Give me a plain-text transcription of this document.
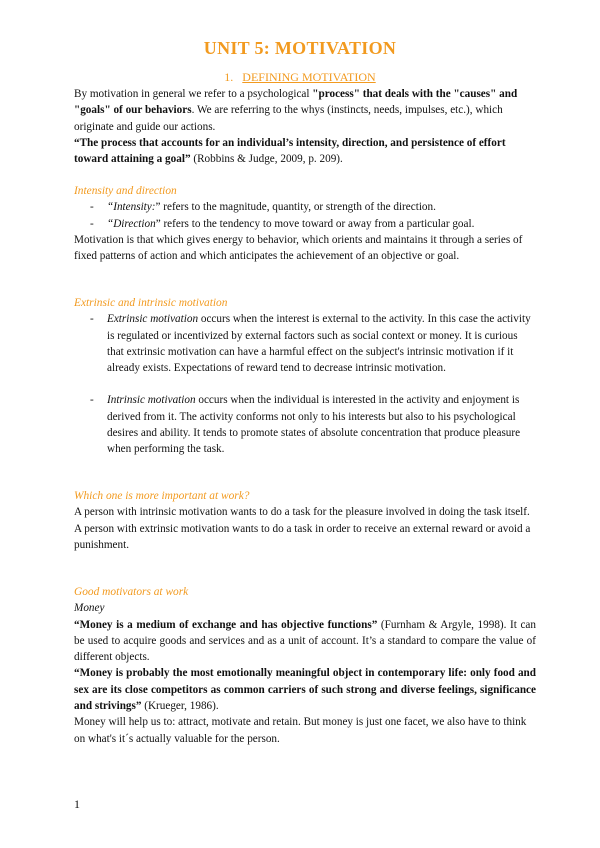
UNIT 5: MOTIVATION
1. DEFINING MOTIVATION

By motivation in general we refer to a psychological "process" that deals with the "causes" and "goals" of our behaviors. We are referring to the whys (instincts, needs, impulses, etc.), which originate and guide our actions.

“The process that accounts for an individual’s intensity, direction, and persistence of effort toward attaining a goal” (Robbins & Judge, 2009, p. 209).

Intensity and direction

- “Intensity:” refers to the magnitude, quantity, or strength of the direction.

- “Direction” refers to the tendency to move toward or away from a particular goal.

Motivation is that which gives energy to behavior, which orients and maintains it through a series of fixed patterns of action and which anticipates the achievement of an objective or goal.

Extrinsic and intrinsic motivation

- Extrinsic motivation occurs when the interest is external to the activity. In this case the activity is regulated or incentivized by external factors such as social context or money. It is curious that extrinsic motivation can have a harmful effect on the subject's intrinsic motivation if it already exists. Expectations of reward tend to decrease intrinsic motivation.

- Intrinsic motivation occurs when the individual is interested in the activity and enjoyment is derived from it. The activity conforms not only to his interests but also to his psychological desires and ability. It tends to promote states of absolute concentration that produce pleasure when performing the task.

Which one is more important at work?

A person with intrinsic motivation wants to do a task for the pleasure involved in doing the task itself.

A person with extrinsic motivation wants to do a task in order to receive an external reward or avoid a punishment.

Good motivators at work

Money

“Money is a medium of exchange and has objective functions” (Furnham & Argyle, 1998). It can be used to acquire goods and services and as a unit of account. It’s a standard to compare the value of different objects.

“Money is probably the most emotionally meaningful object in contemporary life: only food and sex are its close competitors as common carriers of such strong and diverse feelings, significance and strivings” (Krueger, 1986).

Money will help us to: attract, motivate and retain. But money is just one facet, we also have to think on what's it´s actually valuable for the person.

1
